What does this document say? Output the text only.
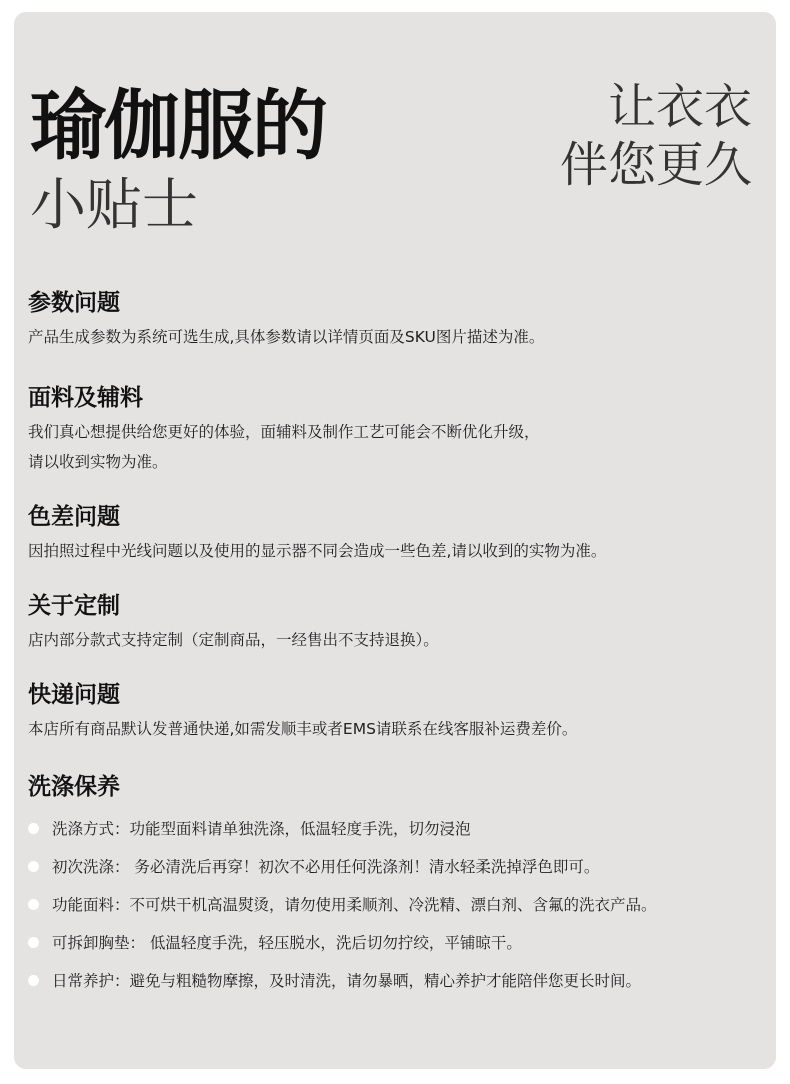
瑜伽服的
小贴士
让衣衣
伴您更久
参数问题

产品生成参数为系统可选生成,具体参数请以详情页面及SKU图片描述为准。

面料及辅料

我们真心想提供给您更好的体验，面辅料及制作工艺可能会不断优化升级，

请以收到实物为准。

色差问题

因拍照过程中光线问题以及使用的显示器不同会造成一些色差,请以收到的实物为准。

关于定制

店内部分款式支持定制（定制商品，一经售出不支持退换）。

快递问题

本店所有商品默认发普通快递,如需发顺丰或者EMS请联系在线客服补运费差价。

洗涤保养
洗涤方式：功能型面料请单独洗涤，低温轻度手洗，切勿浸泡
初次洗涤： 务必清洗后再穿！初次不必用任何洗涤剂！清水轻柔洗掉浮色即可。
功能面料：不可烘干机高温熨烫，请勿使用柔顺剂、冷洗精、漂白剂、含氟的洗衣产品。
可拆卸胸垫： 低温轻度手洗，轻压脱水，洗后切勿拧绞，平铺晾干。
日常养护：避免与粗糙物摩擦，及时清洗，请勿暴晒，精心养护才能陪伴您更长时间。
